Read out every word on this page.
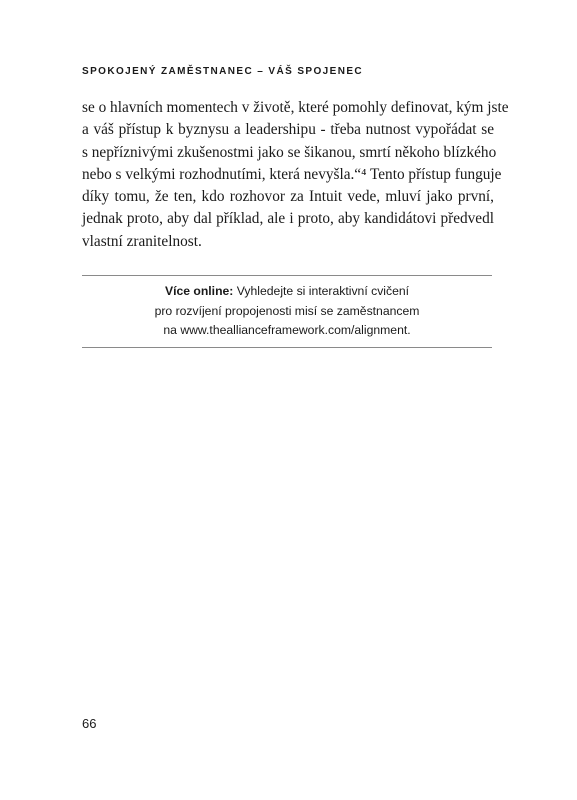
SPOKOJENÝ ZAMĚSTNANEC – VÁŠ SPOJENEC
se o hlavních momentech v životě, které pomohly definovat, kým jste
a váš přístup k byznysu a leadershipu - třeba nutnost vypořádat se
s nepříznivými zkušenostmi jako se šikanou, smrtí někoho blízkého
nebo s velkými rozhodnutími, která nevyšla.“⁴ Tento přístup funguje
díky tomu, že ten, kdo rozhovor za Intuit vede, mluví jako první,
jednak proto, aby dal příklad, ale i proto, aby kandidátovi předvedl
vlastní zranitelnost.
Více online: Vyhledejte si interaktivní cvičení
pro rozvíjení propojenosti misí se zaměstnancem
na www.theallianceframework.com/alignment.
66
